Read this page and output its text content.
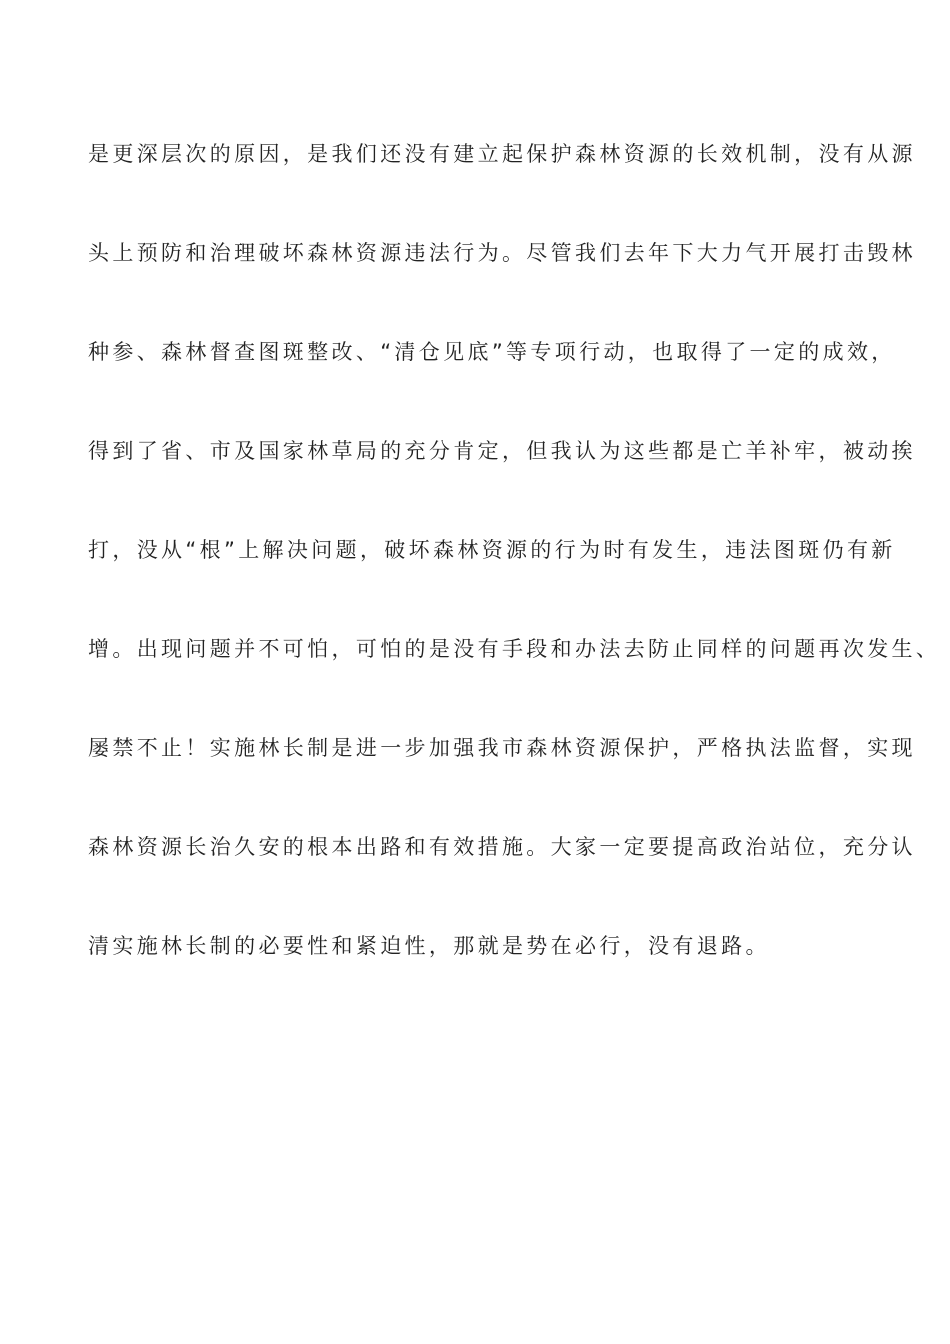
是更深层次的原因，是我们还没有建立起保护森林资源的长效机制，没有从源
头上预防和治理破坏森林资源违法行为。尽管我们去年下大力气开展打击毁林
种参、森林督查图斑整改、“清仓见底”等专项行动，也取得了一定的成效，
得到了省、市及国家林草局的充分肯定，但我认为这些都是亡羊补牢，被动挨
打，没从“根”上解决问题，破坏森林资源的行为时有发生，违法图斑仍有新
增。出现问题并不可怕，可怕的是没有手段和办法去防止同样的问题再次发生、
屡禁不止！实施林长制是进一步加强我市森林资源保护，严格执法监督，实现
森林资源长治久安的根本出路和有效措施。大家一定要提高政治站位，充分认
清实施林长制的必要性和紧迫性，那就是势在必行，没有退路。
